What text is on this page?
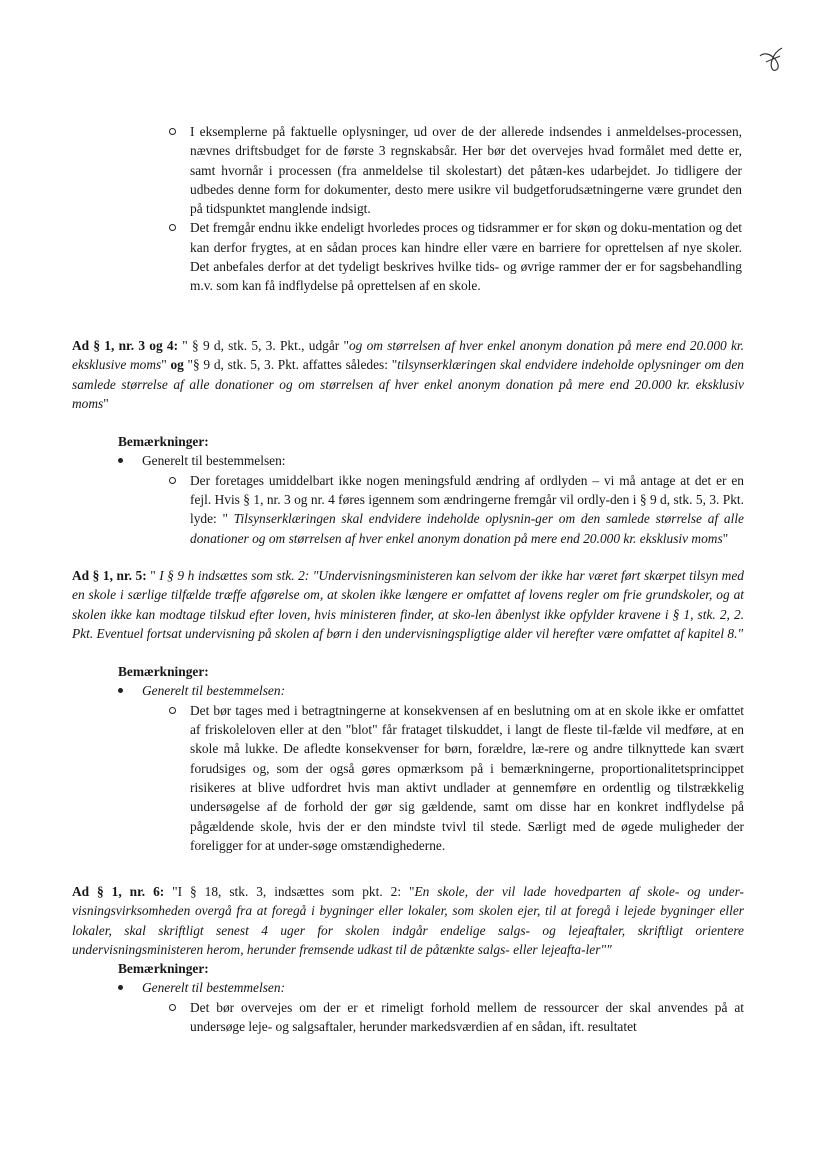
I eksemplerne på faktuelle oplysninger, ud over de der allerede indsendes i anmeldelses-processen, nævnes driftsbudget for de første 3 regnskabsår. Her bør det overvejes hvad formålet med dette er, samt hvornår i processen (fra anmeldelse til skolestart) det påtæn-kes udarbejdet. Jo tidligere der udbedes denne form for dokumenter, desto mere usikre vil budgetforudsætningerne være grundet den på tidspunktet manglende indsigt.
Det fremgår endnu ikke endeligt hvorledes proces og tidsrammer er for skøn og doku-mentation og det kan derfor frygtes, at en sådan proces kan hindre eller være en barriere for oprettelsen af nye skoler. Det anbefales derfor at det tydeligt beskrives hvilke tids- og øvrige rammer der er for sagsbehandling m.v. som kan få indflydelse på oprettelsen af en skole.
Ad § 1, nr. 3 og 4: " § 9 d, stk. 5, 3. Pkt., udgår "og om størrelsen af hver enkel anonym donation på mere end 20.000 kr. eksklusive moms" og "§ 9 d, stk. 5, 3. Pkt. affattes således: "tilsynserklæringen skal endvidere indeholde oplysninger om den samlede størrelse af alle donationer og om størrelsen af hver enkel anonym donation på mere end 20.000 kr. eksklusiv moms"
Bemærkninger:
Generelt til bestemmelsen:
Der foretages umiddelbart ikke nogen meningsfuld ændring af ordlyden – vi må antage at det er en fejl. Hvis § 1, nr. 3 og nr. 4 føres igennem som ændringerne fremgår vil ordly-den i § 9 d, stk. 5, 3. Pkt. lyde: " Tilsynserklæringen skal endvidere indeholde oplysnin-ger om den samlede størrelse af alle donationer og om størrelsen af hver enkel anonym donation på mere end 20.000 kr. eksklusiv moms"
Ad § 1, nr. 5: " I § 9 h indsættes som stk. 2: "Undervisningsministeren kan selvom der ikke har været ført skærpet tilsyn med en skole i særlige tilfælde træffe afgørelse om, at skolen ikke længere er omfattet af lovens regler om frie grundskoler, og at skolen ikke kan modtage tilskud efter loven, hvis ministeren finder, at sko-len åbenlyst ikke opfylder kravene i § 1, stk. 2, 2. Pkt. Eventuel fortsat undervisning på skolen af børn i den undervisningspligtige alder vil herefter være omfattet af kapitel 8."
Bemærkninger:
Generelt til bestemmelsen:
Det bør tages med i betragtningerne at konsekvensen af en beslutning om at en skole ikke er omfattet af friskoleloven eller at den "blot" får frataget tilskuddet, i langt de fleste til-fælde vil medføre, at en skole må lukke. De afledte konsekvenser for børn, forældre, læ-rere og andre tilknyttede kan svært forudsiges og, som der også gøres opmærksom på i bemærkningerne, proportionalitetsprincippet risikeres at blive udfordret hvis man aktivt undlader at gennemføre en ordentlig og tilstrækkelig undersøgelse af de forhold der gør sig gældende, samt om disse har en konkret indflydelse på pågældende skole, hvis der er den mindste tvivl til stede. Særligt med de øgede muligheder der foreligger for at under-søge omstændighederne.
Ad § 1, nr. 6: "I § 18, stk. 3, indsættes som pkt. 2: "En skole, der vil lade hovedparten af skole- og under-visningsvirksomheden overgå fra at foregå i bygninger eller lokaler, som skolen ejer, til at foregå i lejede bygninger eller lokaler, skal skriftligt senest 4 uger for skolen indgår endelige salgs- og lejeaftaler, skriftligt orientere undervisningsministeren herom, herunder fremsende udkast til de påtænkte salgs- eller lejeafta-ler""
Bemærkninger:
Generelt til bestemmelsen:
Det bør overvejes om der er et rimeligt forhold mellem de ressourcer der skal anvendes på at undersøge leje- og salgsaftaler, herunder markedsværdien af en sådan, ift. resultatet
